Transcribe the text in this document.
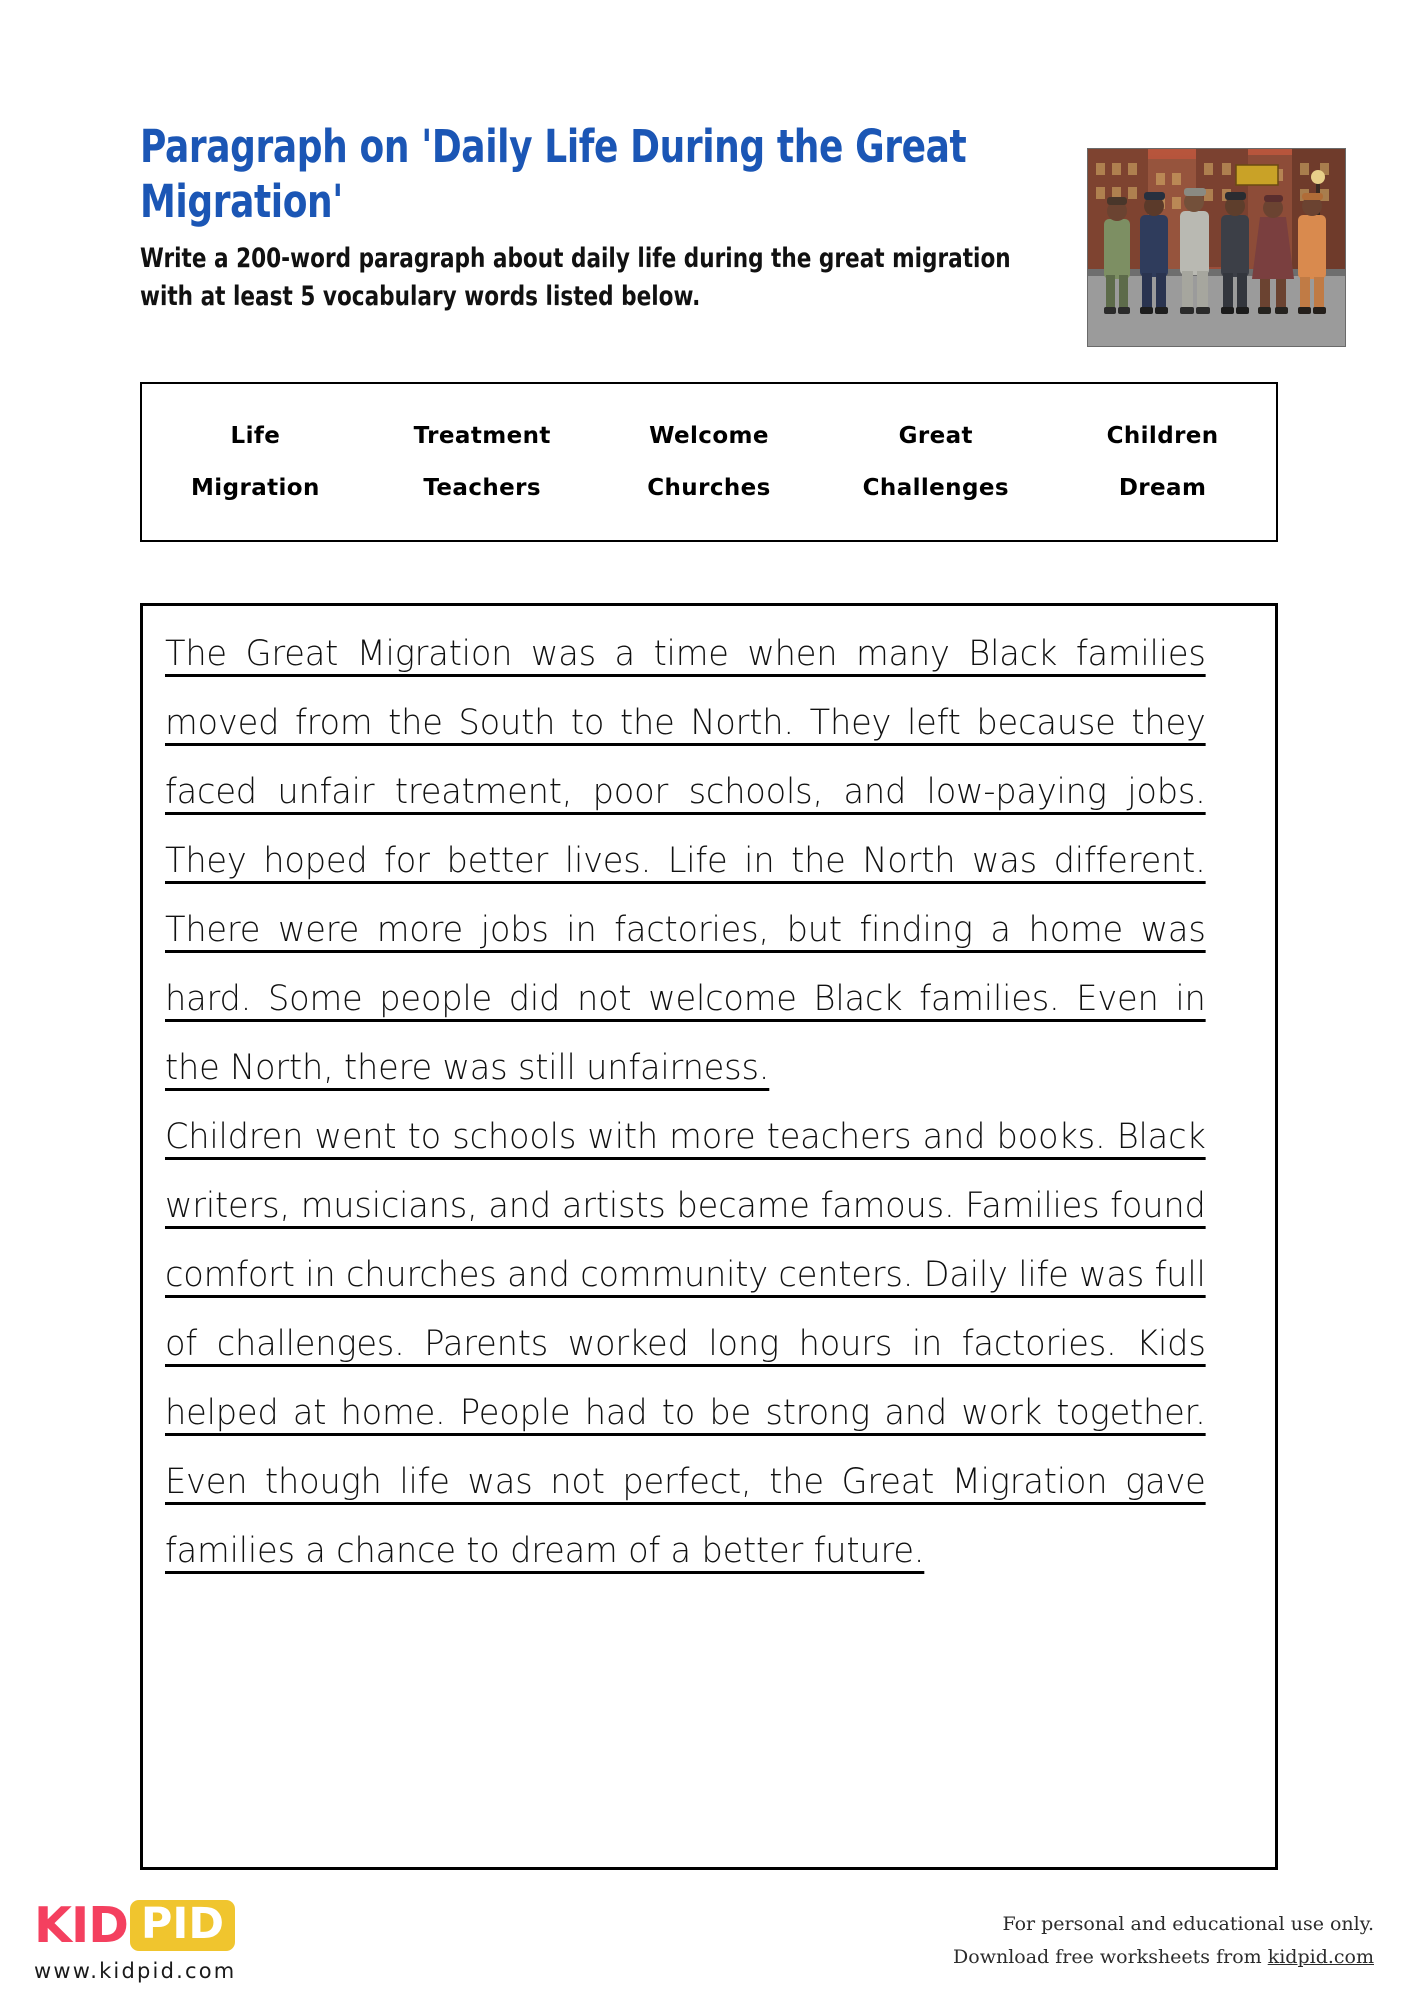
Paragraph on 'Daily Life During the Great Migration'

Write a 200-word paragraph about daily life during the great migration with at least 5 vocabulary words listed below.

Life	Treatment	Welcome	Great	Children
Migration	Teachers	Churches	Challenges	Dream

The Great Migration was a time when many Black families moved from the South to the North. They left because they faced unfair treatment, poor schools, and low-paying jobs. They hoped for better lives. Life in the North was different. There were more jobs in factories, but finding a home was hard. Some people did not welcome Black families. Even in the North, there was still unfairness.

Children went to schools with more teachers and books. Black writers, musicians, and artists became famous. Families found comfort in churches and community centers. Daily life was full of challenges. Parents worked long hours in factories. Kids helped at home. People had to be strong and work together. Even though life was not perfect, the Great Migration gave families a chance to dream of a better future.

KID PID
www.kidpid.com
For personal and educational use only.
Download free worksheets from kidpid.com
